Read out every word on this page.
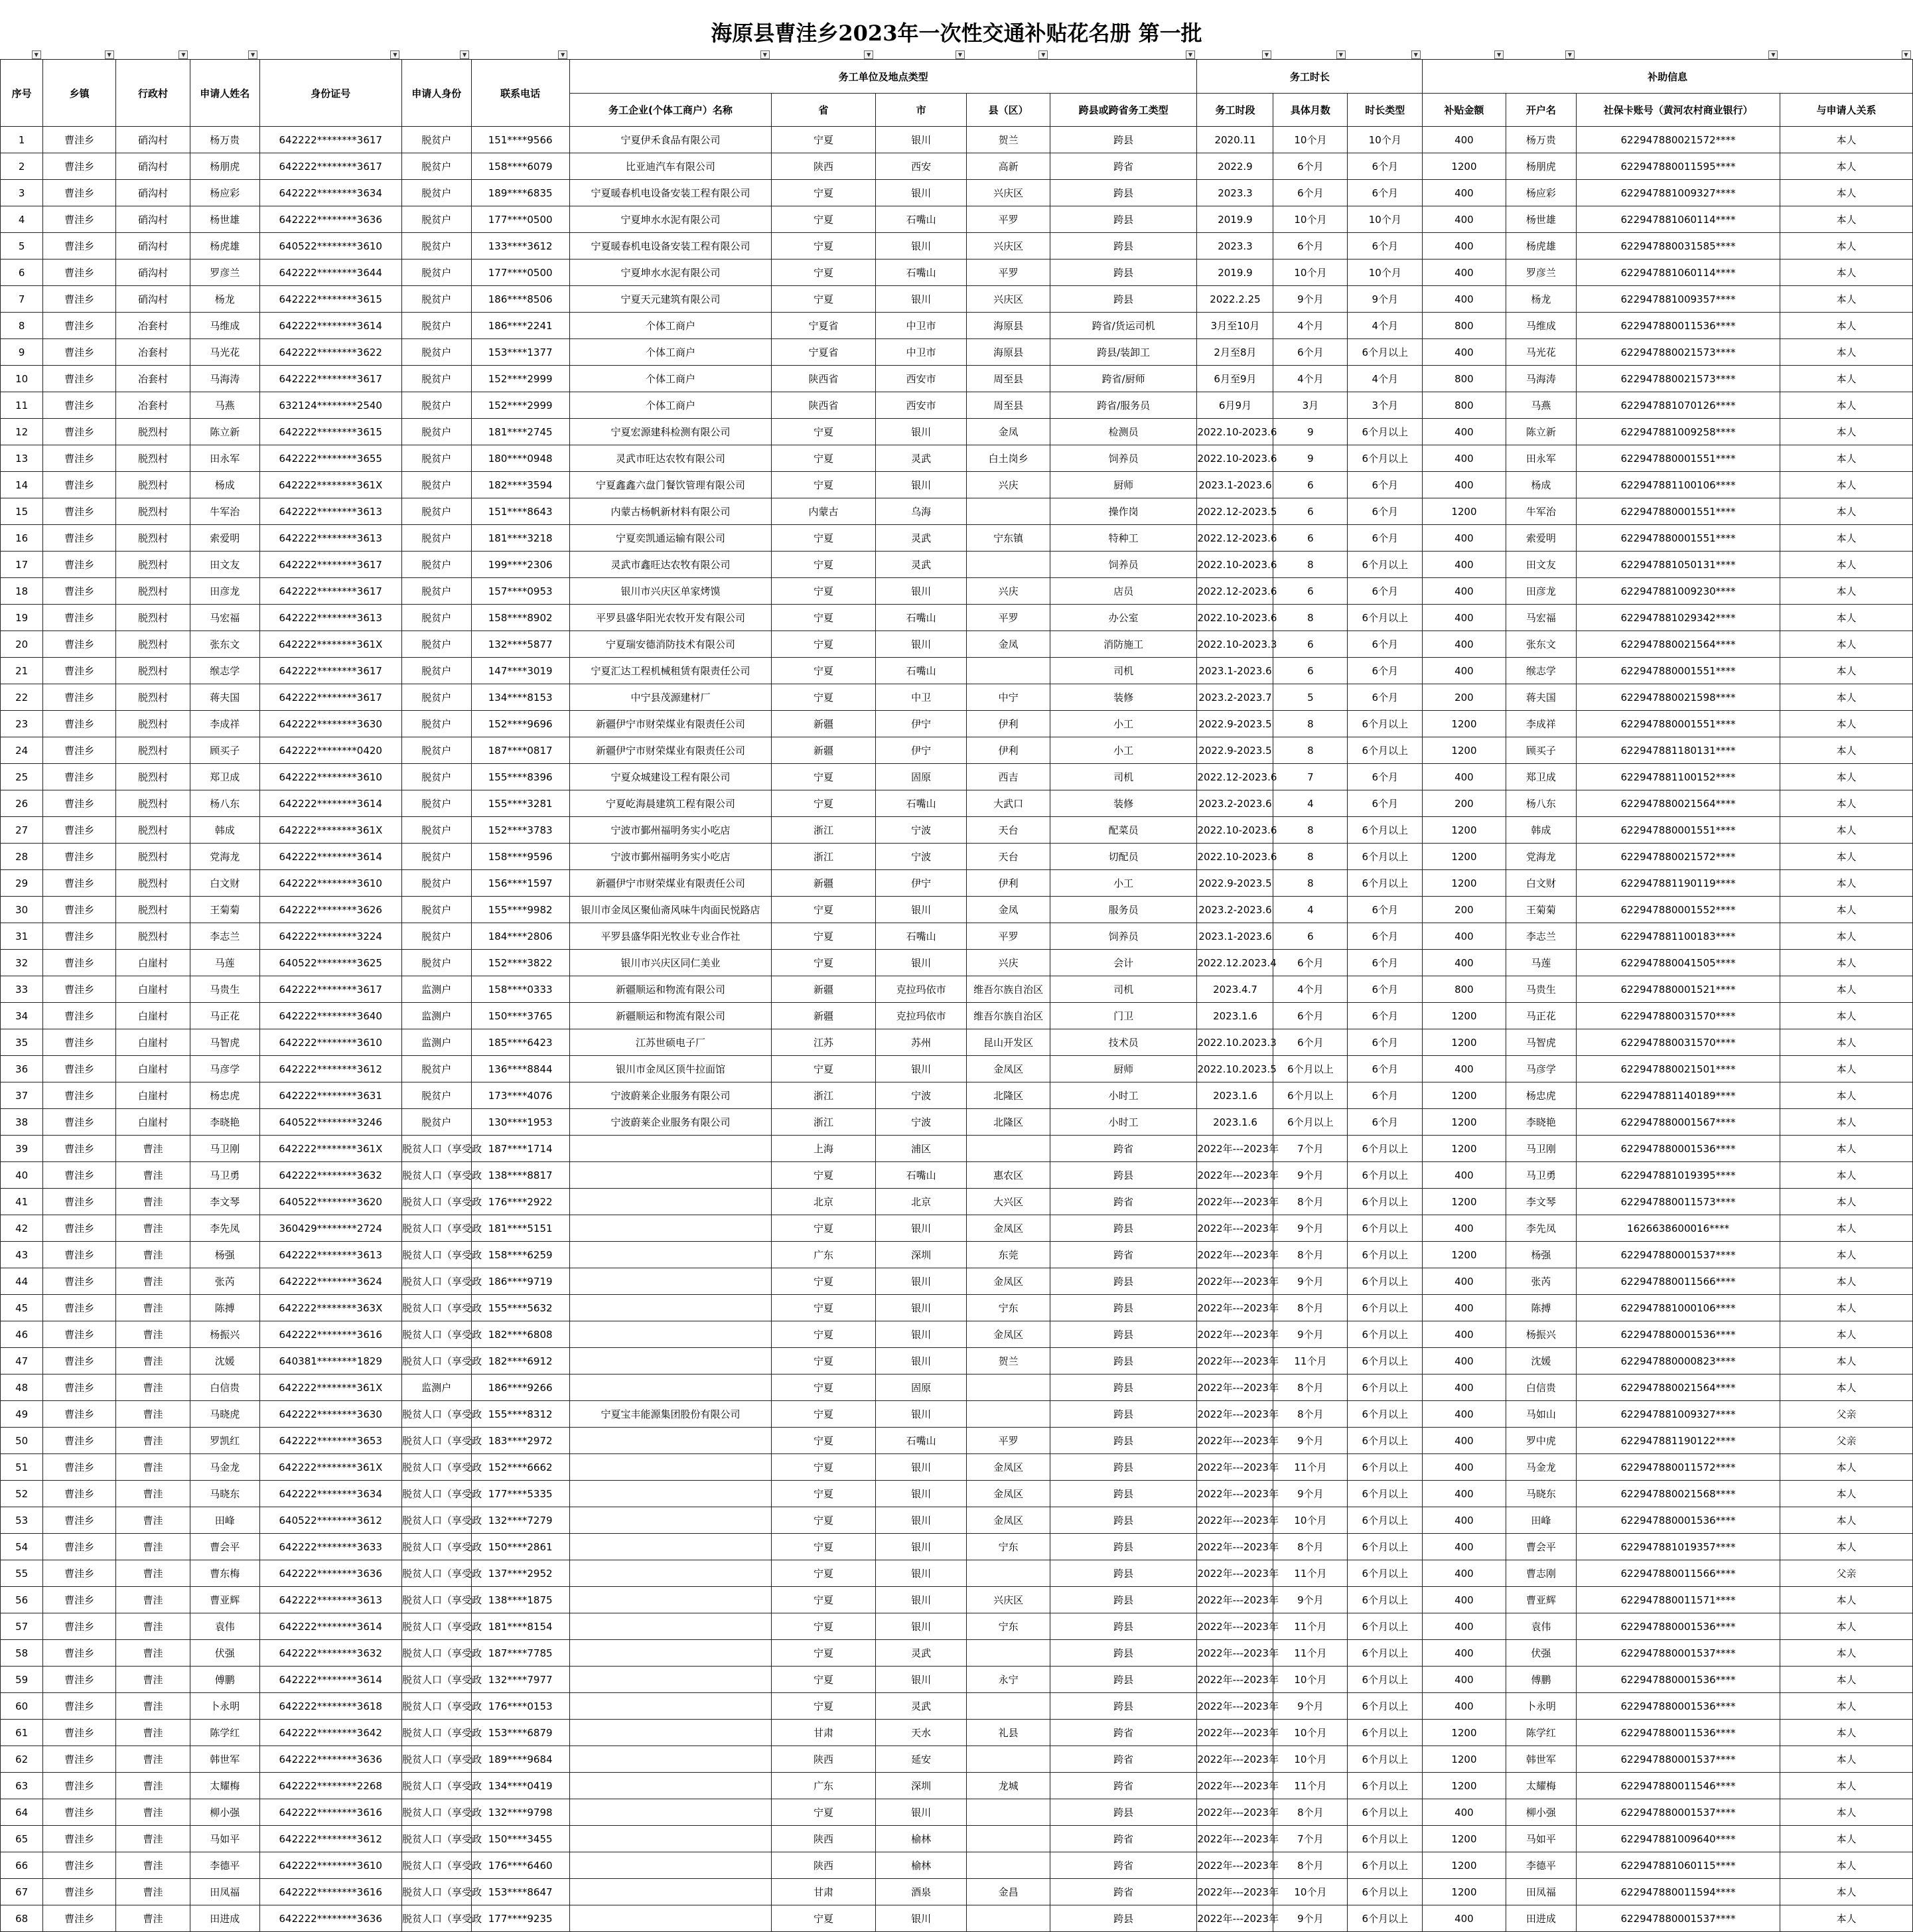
海原县曹洼乡2023年一次性交通补贴花名册 第一批
▼	▼	▼	▼	▼	▼	▼	▼	▼	▼	▼	▼	▼	▼	▼	▼	▼	▼	▼

序号	乡镇	行政村	申请人姓名	身份证号	申请人身份	联系电话	务工单位及地点类型					务工时长			补助信息			
							务工企业(个体工商户）名称	省	市	县（区）	跨县或跨省务工类型	务工时段	具体月数	时长类型	补贴金额	开户名	社保卡账号（黄河农村商业银行）	与申请人关系
1	曹洼乡	硝沟村	杨万贵	642222********3617	脱贫户	151****9566	宁夏伊禾食品有限公司	宁夏	银川	贺兰	跨县	2020.11	10个月	10个月	400	杨万贵	622947880021572****	本人
2	曹洼乡	硝沟村	杨朋虎	642222********3617	脱贫户	158****6079	比亚迪汽车有限公司	陕西	西安	高新	跨省	2022.9	6个月	6个月	1200	杨朋虎	622947880011595****	本人
3	曹洼乡	硝沟村	杨应彩	642222********3634	脱贫户	189****6835	宁夏暖春机电设备安装工程有限公司	宁夏	银川	兴庆区	跨县	2023.3	6个月	6个月	400	杨应彩	622947881009327****	本人
4	曹洼乡	硝沟村	杨世雄	642222********3636	脱贫户	177****0500	宁夏坤水水泥有限公司	宁夏	石嘴山	平罗	跨县	2019.9	10个月	10个月	400	杨世雄	622947881060114****	本人
5	曹洼乡	硝沟村	杨虎雄	640522********3610	脱贫户	133****3612	宁夏暖春机电设备安装工程有限公司	宁夏	银川	兴庆区	跨县	2023.3	6个月	6个月	400	杨虎雄	622947880031585****	本人
6	曹洼乡	硝沟村	罗彦兰	642222********3644	脱贫户	177****0500	宁夏坤水水泥有限公司	宁夏	石嘴山	平罗	跨县	2019.9	10个月	10个月	400	罗彦兰	622947881060114****	本人
7	曹洼乡	硝沟村	杨龙	642222********3615	脱贫户	186****8506	宁夏天元建筑有限公司	宁夏	银川	兴庆区	跨县	2022.2.25	9个月	9个月	400	杨龙	622947881009357****	本人
8	曹洼乡	冶套村	马维成	642222********3614	脱贫户	186****2241	个体工商户	宁夏省	中卫市	海原县	跨省/货运司机	3月至10月	4个月	4个月	800	马维成	622947880011536****	本人
9	曹洼乡	冶套村	马光花	642222********3622	脱贫户	153****1377	个体工商户	宁夏省	中卫市	海原县	跨县/装卸工	2月至8月	6个月	6个月以上	400	马光花	622947880021573****	本人
10	曹洼乡	冶套村	马海涛	642222********3617	脱贫户	152****2999	个体工商户	陕西省	西安市	周至县	跨省/厨师	6月至9月	4个月	4个月	800	马海涛	622947880021573****	本人
11	曹洼乡	冶套村	马燕	632124********2540	脱贫户	152****2999	个体工商户	陕西省	西安市	周至县	跨省/服务员	6月9月	3月	3个月	800	马燕	622947881070126****	本人
12	曹洼乡	脱烈村	陈立新	642222********3615	脱贫户	181****2745	宁夏宏源建科检测有限公司	宁夏	银川	金凤	检测员	2022.10-2023.6	9	6个月以上	400	陈立新	622947881009258****	本人
13	曹洼乡	脱烈村	田永军	642222********3655	脱贫户	180****0948	灵武市旺达农牧有限公司	宁夏	灵武	白土岗乡	饲养员	2022.10-2023.6	9	6个月以上	400	田永军	622947880001551****	本人
14	曹洼乡	脱烈村	杨成	642222********361X	脱贫户	182****3594	宁夏鑫鑫六盘门餐饮管理有限公司	宁夏	银川	兴庆	厨师	2023.1-2023.6	6	6个月	400	杨成	622947881100106****	本人
15	曹洼乡	脱烈村	牛军治	642222********3613	脱贫户	151****8643	内蒙古杨帆新材料有限公司	内蒙古	乌海		操作岗	2022.12-2023.5	6	6个月	1200	牛军治	622947880001551****	本人
16	曹洼乡	脱烈村	索爱明	642222********3613	脱贫户	181****3218	宁夏奕凯通运输有限公司	宁夏	灵武	宁东镇	特种工	2022.12-2023.6	6	6个月	400	索爱明	622947880001551****	本人
17	曹洼乡	脱烈村	田文友	642222********3617	脱贫户	199****2306	灵武市鑫旺达农牧有限公司	宁夏	灵武		饲养员	2022.10-2023.6	8	6个月以上	400	田文友	622947881050131****	本人
18	曹洼乡	脱烈村	田彦龙	642222********3617	脱贫户	157****0953	银川市兴庆区单家烤馍	宁夏	银川	兴庆	店员	2022.12-2023.6	6	6个月	400	田彦龙	622947881009230****	本人
19	曹洼乡	脱烈村	马宏福	642222********3613	脱贫户	158****8902	平罗县盛华阳光农牧开发有限公司	宁夏	石嘴山	平罗	办公室	2022.10-2023.6	8	6个月以上	400	马宏福	622947881029342****	本人
20	曹洼乡	脱烈村	张东文	642222********361X	脱贫户	132****5877	宁夏瑞安德消防技术有限公司	宁夏	银川	金凤	消防施工	2022.10-2023.3	6	6个月	400	张东文	622947880021564****	本人
21	曹洼乡	脱烈村	缑志学	642222********3617	脱贫户	147****3019	宁夏汇达工程机械租赁有限责任公司	宁夏	石嘴山		司机	2023.1-2023.6	6	6个月	400	缑志学	622947880001551****	本人
22	曹洼乡	脱烈村	蒋夫国	642222********3617	脱贫户	134****8153	中宁县茂源建材厂	宁夏	中卫	中宁	装修	2023.2-2023.7	5	6个月	200	蒋夫国	622947880021598****	本人
23	曹洼乡	脱烈村	李成祥	642222********3630	脱贫户	152****9696	新疆伊宁市财荣煤业有限责任公司	新疆	伊宁	伊利	小工	2022.9-2023.5	8	6个月以上	1200	李成祥	622947880001551****	本人
24	曹洼乡	脱烈村	顾买子	642222********0420	脱贫户	187****0817	新疆伊宁市财荣煤业有限责任公司	新疆	伊宁	伊利	小工	2022.9-2023.5	8	6个月以上	1200	顾买子	622947881180131****	本人
25	曹洼乡	脱烈村	郑卫成	642222********3610	脱贫户	155****8396	宁夏众城建设工程有限公司	宁夏	固原	西吉	司机	2022.12-2023.6	7	6个月	400	郑卫成	622947881100152****	本人
26	曹洼乡	脱烈村	杨八东	642222********3614	脱贫户	155****3281	宁夏屹海晨建筑工程有限公司	宁夏	石嘴山	大武口	装修	2023.2-2023.6	4	6个月	200	杨八东	622947880021564****	本人
27	曹洼乡	脱烈村	韩成	642222********361X	脱贫户	152****3783	宁波市鄞州福明务实小吃店	浙江	宁波	天台	配菜员	2022.10-2023.6	8	6个月以上	1200	韩成	622947880001551****	本人
28	曹洼乡	脱烈村	党海龙	642222********3614	脱贫户	158****9596	宁波市鄞州福明务实小吃店	浙江	宁波	天台	切配员	2022.10-2023.6	8	6个月以上	1200	党海龙	622947880021572****	本人
29	曹洼乡	脱烈村	白文财	642222********3610	脱贫户	156****1597	新疆伊宁市财荣煤业有限责任公司	新疆	伊宁	伊利	小工	2022.9-2023.5	8	6个月以上	1200	白文财	622947881190119****	本人
30	曹洼乡	脱烈村	王菊菊	642222********3626	脱贫户	155****9982	银川市金凤区聚仙斋风味牛肉面民悦路店	宁夏	银川	金凤	服务员	2023.2-2023.6	4	6个月	200	王菊菊	622947880001552****	本人
31	曹洼乡	脱烈村	李志兰	642222********3224	脱贫户	184****2806	平罗县盛华阳光牧业专业合作社	宁夏	石嘴山	平罗	饲养员	2023.1-2023.6	6	6个月	400	李志兰	622947881100183****	本人
32	曹洼乡	白崖村	马莲	640522********3625	脱贫户	152****3822	银川市兴庆区同仁美业	宁夏	银川	兴庆	会计	2022.12.2023.4	6个月	6个月	400	马莲	622947880041505****	本人
33	曹洼乡	白崖村	马贵生	642222********3617	监测户	158****0333	新疆顺运和物流有限公司	新疆	克拉玛依市	维吾尔族自治区	司机	2023.4.7	4个月	6个月	800	马贵生	622947880001521****	本人
34	曹洼乡	白崖村	马正花	642222********3640	监测户	150****3765	新疆顺运和物流有限公司	新疆	克拉玛依市	维吾尔族自治区	门卫	2023.1.6	6个月	6个月	1200	马正花	622947880031570****	本人
35	曹洼乡	白崖村	马智虎	642222********3610	监测户	185****6423	江苏世硕电子厂	江苏	苏州	昆山开发区	技术员	2022.10.2023.3	6个月	6个月	1200	马智虎	622947880031570****	本人
36	曹洼乡	白崖村	马彦学	642222********3612	脱贫户	136****8844	银川市金凤区顶牛拉面馆	宁夏	银川	金凤区	厨师	2022.10.2023.5	6个月以上	6个月	400	马彦学	622947880021501****	本人
37	曹洼乡	白崖村	杨忠虎	642222********3631	脱贫户	173****4076	宁波蔚莱企业服务有限公司	浙江	宁波	北隆区	小时工	2023.1.6	6个月以上	6个月	1200	杨忠虎	622947881140189****	本人
38	曹洼乡	白崖村	李晓艳	640522********3246	脱贫户	130****1953	宁波蔚莱企业服务有限公司	浙江	宁波	北隆区	小时工	2023.1.6	6个月以上	6个月	1200	李晓艳	622947880001567****	本人
39	曹洼乡	曹洼	马卫刚	642222********361X	脱贫人口（享受政	187****1714		上海	浦区		跨省	2022年---2023年	7个月	6个月以上	1200	马卫刚	622947880001536****	本人
40	曹洼乡	曹洼	马卫勇	642222********3632	脱贫人口（享受政	138****8817		宁夏	石嘴山	惠农区	跨县	2022年---2023年	9个月	6个月以上	400	马卫勇	622947881019395****	本人
41	曹洼乡	曹洼	李文琴	640522********3620	脱贫人口（享受政	176****2922		北京	北京	大兴区	跨省	2022年---2023年	8个月	6个月以上	1200	李文琴	622947880011573****	本人
42	曹洼乡	曹洼	李先凤	360429********2724	脱贫人口（享受政	181****5151		宁夏	银川	金凤区	跨县	2022年---2023年	9个月	6个月以上	400	李先凤	1626638600016****	本人
43	曹洼乡	曹洼	杨强	642222********3613	脱贫人口（享受政	158****6259		广东	深圳	东莞	跨省	2022年---2023年	8个月	6个月以上	1200	杨强	622947880001537****	本人
44	曹洼乡	曹洼	张芮	642222********3624	脱贫人口（享受政	186****9719		宁夏	银川	金凤区	跨县	2022年---2023年	9个月	6个月以上	400	张芮	622947880011566****	本人
45	曹洼乡	曹洼	陈搏	642222********363X	脱贫人口（享受政	155****5632		宁夏	银川	宁东	跨县	2022年---2023年	8个月	6个月以上	400	陈搏	622947881000106****	本人
46	曹洼乡	曹洼	杨振兴	642222********3616	脱贫人口（享受政	182****6808		宁夏	银川	金凤区	跨县	2022年---2023年	9个月	6个月以上	400	杨振兴	622947880001536****	本人
47	曹洼乡	曹洼	沈媛	640381********1829	脱贫人口（享受政	182****6912		宁夏	银川	贺兰	跨县	2022年---2023年	11个月	6个月以上	400	沈媛	622947880000823****	本人
48	曹洼乡	曹洼	白信贵	642222********361X	监测户	186****9266		宁夏	固原		跨县	2022年---2023年	8个月	6个月以上	400	白信贵	622947880021564****	本人
49	曹洼乡	曹洼	马晓虎	642222********3630	脱贫人口（享受政	155****8312	宁夏宝丰能源集团股份有限公司	宁夏	银川		跨县	2022年---2023年	8个月	6个月以上	400	马如山	622947881009327****	父亲
50	曹洼乡	曹洼	罗凯红	642222********3653	脱贫人口（享受政	183****2972		宁夏	石嘴山	平罗	跨县	2022年---2023年	9个月	6个月以上	400	罗中虎	622947881190122****	父亲
51	曹洼乡	曹洼	马金龙	642222********361X	脱贫人口（享受政	152****6662		宁夏	银川	金凤区	跨县	2022年---2023年	11个月	6个月以上	400	马金龙	622947880011572****	本人
52	曹洼乡	曹洼	马晓东	642222********3634	脱贫人口（享受政	177****5335		宁夏	银川	金凤区	跨县	2022年---2023年	9个月	6个月以上	400	马晓东	622947880021568****	本人
53	曹洼乡	曹洼	田峰	640522********3612	脱贫人口（享受政	132****7279		宁夏	银川	金凤区	跨县	2022年---2023年	10个月	6个月以上	400	田峰	622947880001536****	本人
54	曹洼乡	曹洼	曹会平	642222********3633	脱贫人口（享受政	150****2861		宁夏	银川	宁东	跨县	2022年---2023年	8个月	6个月以上	400	曹会平	622947881019357****	本人
55	曹洼乡	曹洼	曹东梅	642222********3636	脱贫人口（享受政	137****2952		宁夏	银川		跨县	2022年---2023年	11个月	6个月以上	400	曹志刚	622947880011566****	父亲
56	曹洼乡	曹洼	曹亚辉	642222********3613	脱贫人口（享受政	138****1875		宁夏	银川	兴庆区	跨县	2022年---2023年	9个月	6个月以上	400	曹亚辉	622947880011571****	本人
57	曹洼乡	曹洼	袁伟	642222********3614	脱贫人口（享受政	181****8154		宁夏	银川	宁东	跨县	2022年---2023年	11个月	6个月以上	400	袁伟	622947880001536****	本人
58	曹洼乡	曹洼	伏强	642222********3632	脱贫人口（享受政	187****7785		宁夏	灵武		跨县	2022年---2023年	11个月	6个月以上	400	伏强	622947880001537****	本人
59	曹洼乡	曹洼	傅鹏	642222********3614	脱贫人口（享受政	132****7977		宁夏	银川	永宁	跨县	2022年---2023年	10个月	6个月以上	400	傅鹏	622947880001536****	本人
60	曹洼乡	曹洼	卜永明	642222********3618	脱贫人口（享受政	176****0153		宁夏	灵武		跨县	2022年---2023年	9个月	6个月以上	400	卜永明	622947880001536****	本人
61	曹洼乡	曹洼	陈学红	642222********3642	脱贫人口（享受政	153****6879		甘肃	天水	礼县	跨省	2022年---2023年	10个月	6个月以上	1200	陈学红	622947880011536****	本人
62	曹洼乡	曹洼	韩世军	642222********3636	脱贫人口（享受政	189****9684		陕西	延安		跨省	2022年---2023年	10个月	6个月以上	1200	韩世军	622947880001537****	本人
63	曹洼乡	曹洼	太耀梅	642222********2268	脱贫人口（享受政	134****0419		广东	深圳	龙城	跨省	2022年---2023年	11个月	6个月以上	1200	太耀梅	622947880011546****	本人
64	曹洼乡	曹洼	柳小强	642222********3616	脱贫人口（享受政	132****9798		宁夏	银川		跨县	2022年---2023年	8个月	6个月以上	400	柳小强	622947880001537****	本人
65	曹洼乡	曹洼	马如平	642222********3612	脱贫人口（享受政	150****3455		陕西	榆林		跨省	2022年---2023年	7个月	6个月以上	1200	马如平	622947881009640****	本人
66	曹洼乡	曹洼	李德平	642222********3610	脱贫人口（享受政	176****6460		陕西	榆林		跨省	2022年---2023年	8个月	6个月以上	1200	李德平	622947881060115****	本人
67	曹洼乡	曹洼	田凤福	642222********3616	脱贫人口（享受政	153****8647		甘肃	酒泉	金昌	跨省	2022年---2023年	10个月	6个月以上	1200	田凤福	622947880011594****	本人
68	曹洼乡	曹洼	田进成	642222********3636	脱贫人口（享受政	177****9235		宁夏	银川		跨县	2022年---2023年	9个月	6个月以上	400	田进成	622947880001537****	本人
